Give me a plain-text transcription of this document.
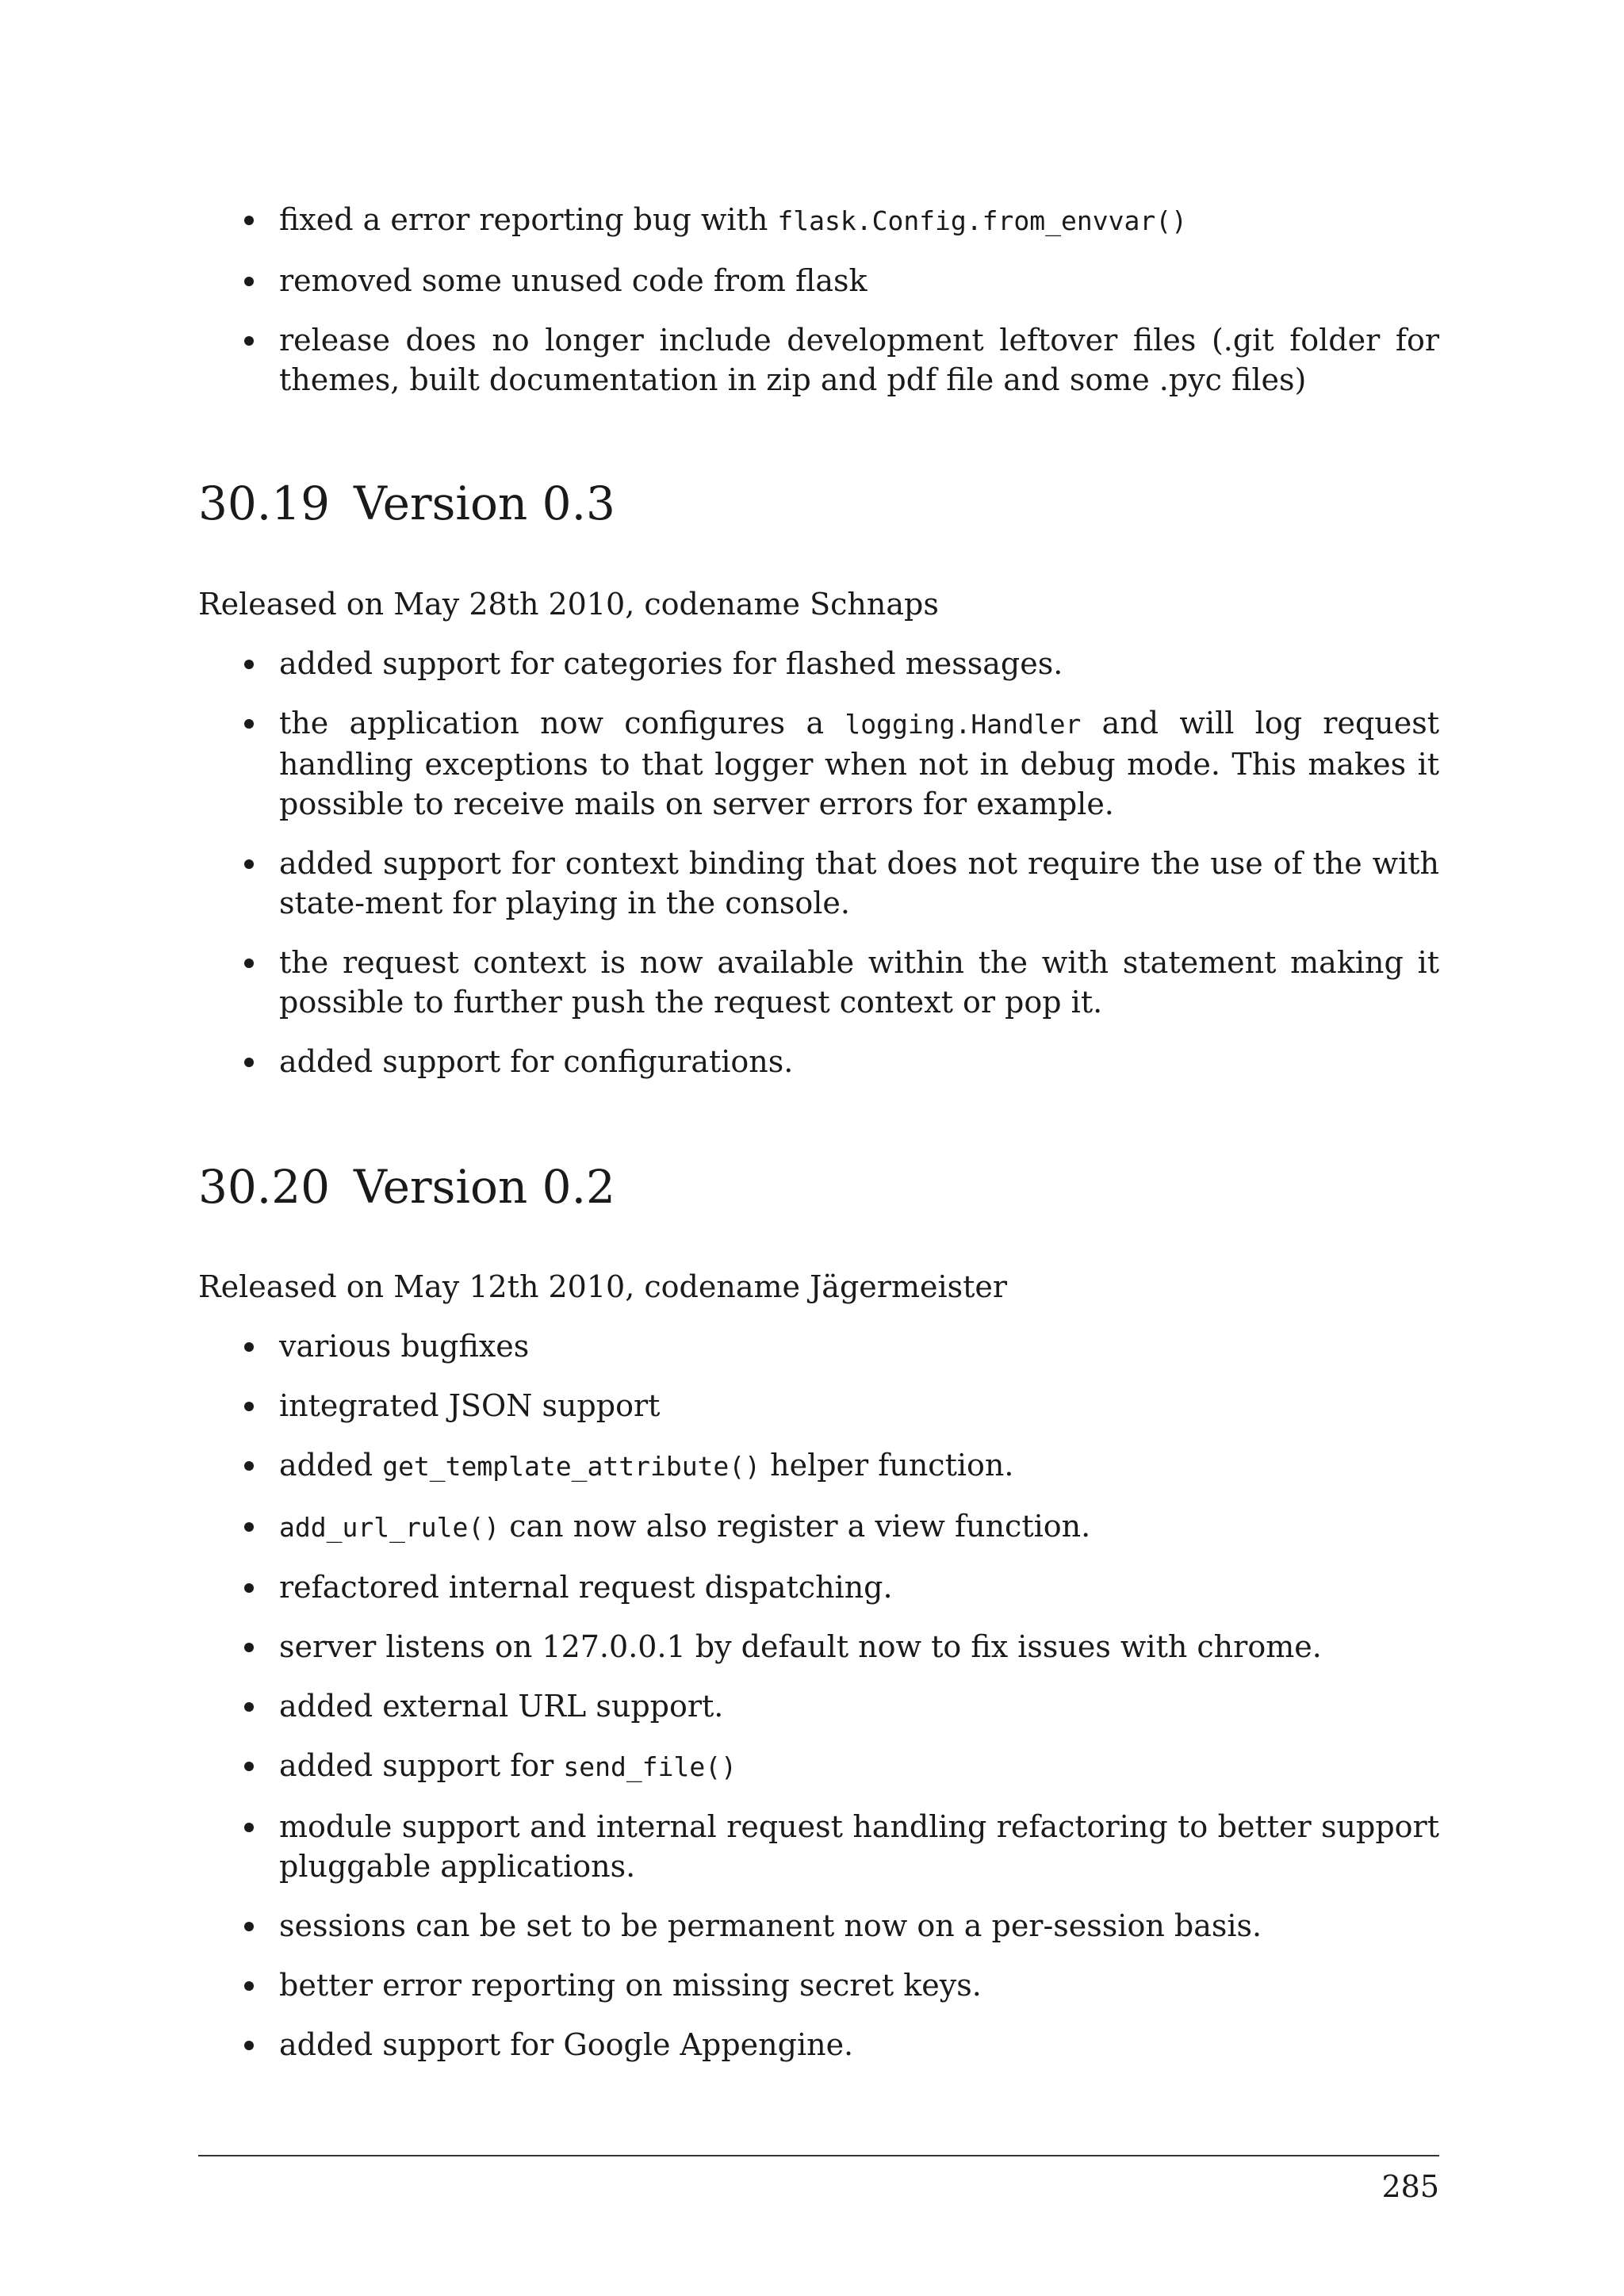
fixed a error reporting bug with flask.Config.from_envvar()
removed some unused code from flask
release does no longer include development leftover files (.git folder for themes, built documentation in zip and pdf file and some .pyc files)
30.19 Version 0.3

Released on May 28th 2010, codename Schnaps

added support for categories for flashed messages.
the application now configures a logging.Handler and will log request handling exceptions to that logger when not in debug mode. This makes it possible to receive mails on server errors for example.
added support for context binding that does not require the use of the with state-ment for playing in the console.
the request context is now available within the with statement making it possible to further push the request context or pop it.
added support for configurations.
30.20 Version 0.2

Released on May 12th 2010, codename Jägermeister

various bugfixes
integrated JSON support
added get_template_attribute() helper function.
add_url_rule() can now also register a view function.
refactored internal request dispatching.
server listens on 127.0.0.1 by default now to fix issues with chrome.
added external URL support.
added support for send_file()
module support and internal request handling refactoring to better support pluggable applications.
sessions can be set to be permanent now on a per-session basis.
better error reporting on missing secret keys.
added support for Google Appengine.
285
